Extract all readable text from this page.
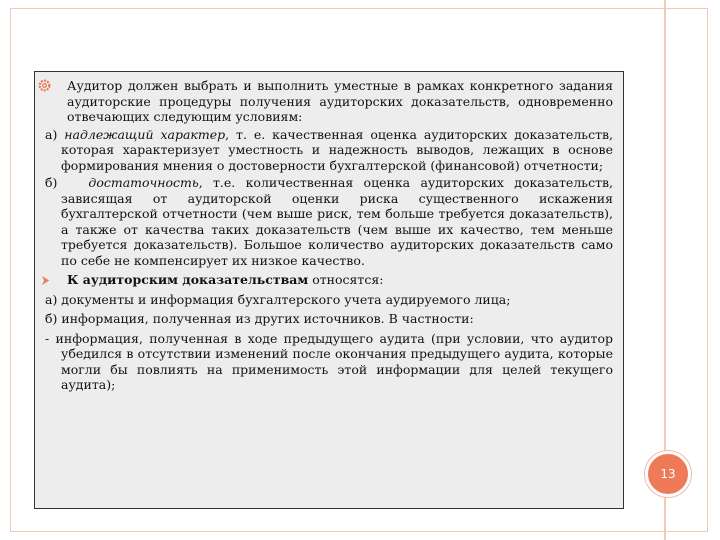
Аудитор должен выбрать и выполнить уместные в рамках конкретного задания аудиторские процедуры получения аудиторских доказательств, одновременно отвечающих следующим условиям:

а) надлежащий характер, т. е. качественная оценка аудиторских доказательств, которая характеризует уместность и надежность выводов, лежащих в основе формирования мнения о достоверности бухгалтерской (финансовой) отчетности;

б)   достаточность, т.е. количественная оценка аудиторских доказательств, зависящая от аудиторской оценки риска существенного искажения бухгалтерской отчетности (чем выше риск, тем больше требуется доказательств), а также от качества таких доказательств (чем выше их качество, тем меньше требуется доказательств). Большое количество аудиторских доказательств само по себе не компенсирует их низкое качество.

К аудиторским доказательствам относятся:

а) документы и информация бухгалтерского учета аудируемого лица;

б) информация, полученная из других источников. В частности:

- информация, полученная в ходе предыдущего аудита (при условии, что аудитор убедился в отсутствии изменений после окончания предыдущего аудита, которые могли бы повлиять на применимость этой информации для целей текущего аудита);

13
